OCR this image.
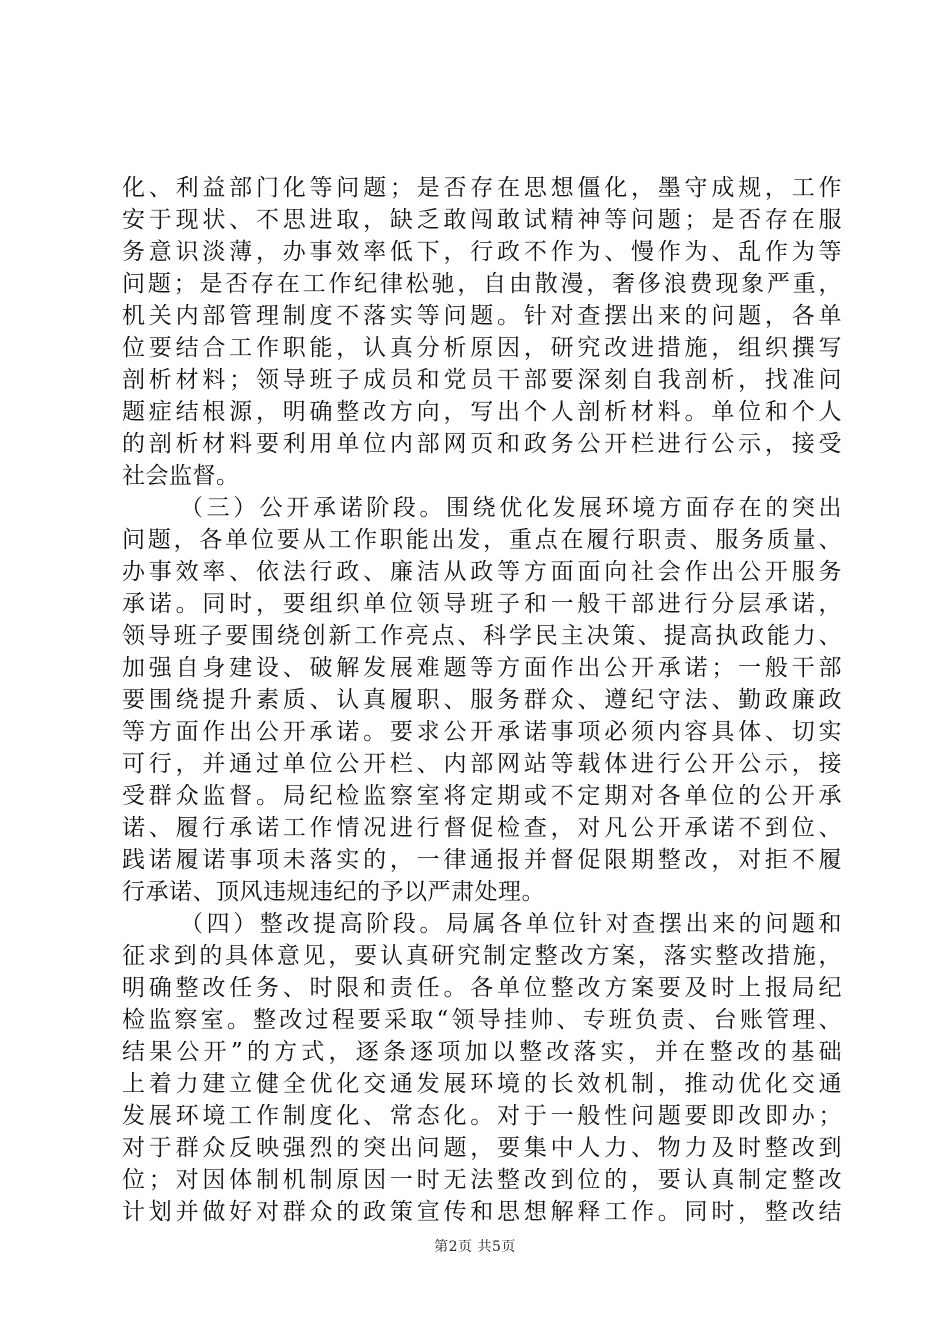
化、利益部门化等问题；是否存在思想僵化，墨守成规，工作
安于现状、不思进取，缺乏敢闯敢试精神等问题；是否存在服
务意识淡薄，办事效率低下，行政不作为、慢作为、乱作为等
问题；是否存在工作纪律松驰，自由散漫，奢侈浪费现象严重，
机关内部管理制度不落实等问题。针对查摆出来的问题，各单
位要结合工作职能，认真分析原因，研究改进措施，组织撰写
剖析材料；领导班子成员和党员干部要深刻自我剖析，找准问
题症结根源，明确整改方向，写出个人剖析材料。单位和个人
的剖析材料要利用单位内部网页和政务公开栏进行公示，接受
社会监督。
（三）公开承诺阶段。围绕优化发展环境方面存在的突出
问题，各单位要从工作职能出发，重点在履行职责、服务质量、
办事效率、依法行政、廉洁从政等方面面向社会作出公开服务
承诺。同时，要组织单位领导班子和一般干部进行分层承诺，
领导班子要围绕创新工作亮点、科学民主决策、提高执政能力、
加强自身建设、破解发展难题等方面作出公开承诺；一般干部
要围绕提升素质、认真履职、服务群众、遵纪守法、勤政廉政
等方面作出公开承诺。要求公开承诺事项必须内容具体、切实
可行，并通过单位公开栏、内部网站等载体进行公开公示，接
受群众监督。局纪检监察室将定期或不定期对各单位的公开承
诺、履行承诺工作情况进行督促检查，对凡公开承诺不到位、
践诺履诺事项未落实的，一律通报并督促限期整改，对拒不履
行承诺、顶风违规违纪的予以严肃处理。
（四）整改提高阶段。局属各单位针对查摆出来的问题和
征求到的具体意见，要认真研究制定整改方案，落实整改措施，
明确整改任务、时限和责任。各单位整改方案要及时上报局纪
检监察室。整改过程要采取“领导挂帅、专班负责、台账管理、
结果公开”的方式，逐条逐项加以整改落实，并在整改的基础
上着力建立健全优化交通发展环境的长效机制，推动优化交通
发展环境工作制度化、常态化。对于一般性问题要即改即办；
对于群众反映强烈的突出问题，要集中人力、物力及时整改到
位；对因体制机制原因一时无法整改到位的，要认真制定整改
计划并做好对群众的政策宣传和思想解释工作。同时，整改结
第2页 共5页
